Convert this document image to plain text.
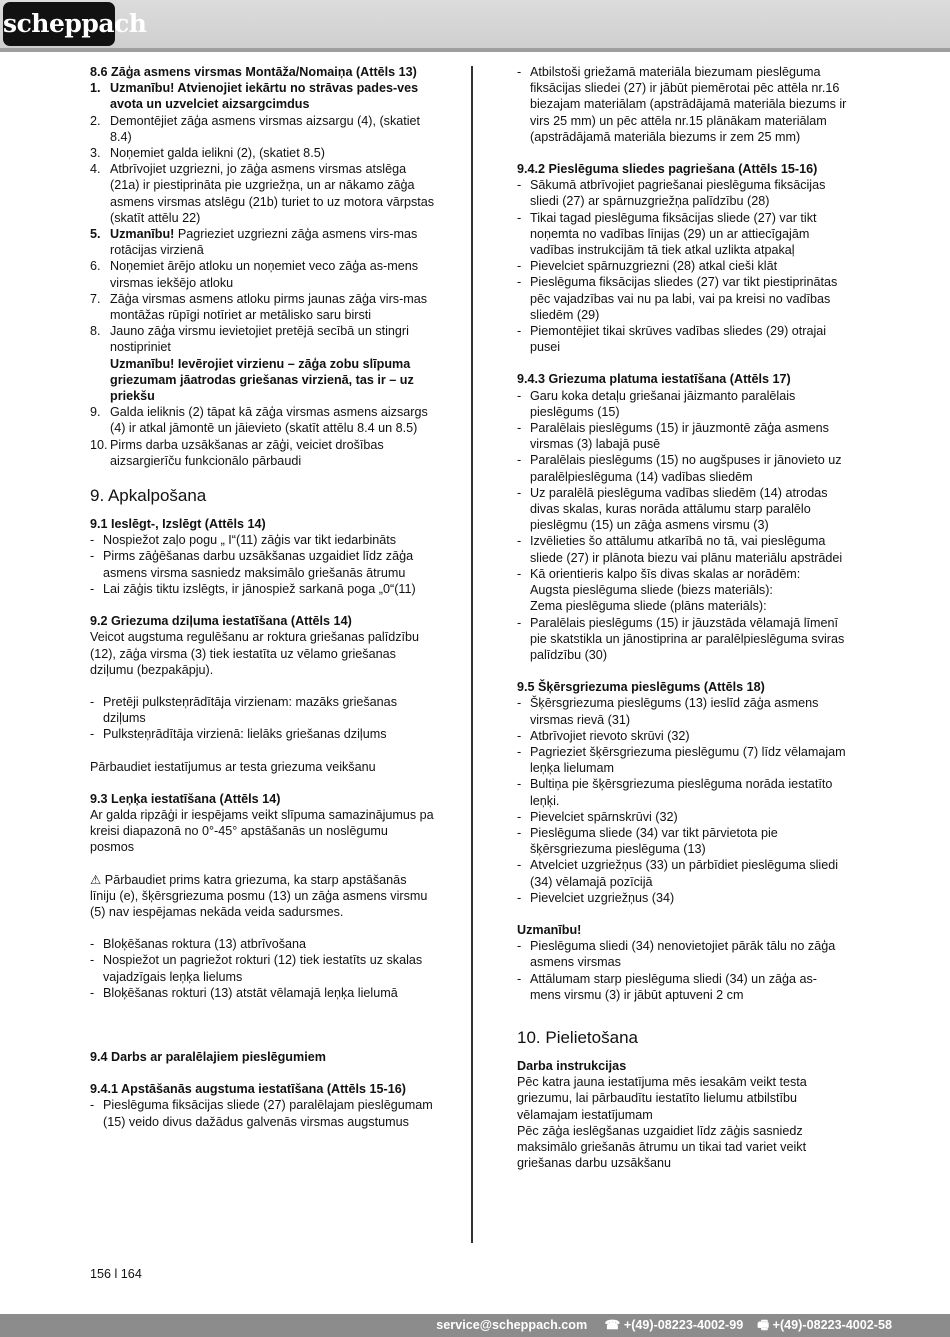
scheppach
8.6 Zāģa asmens virsmas Montāža/Nomaiņa (Attēls 13)
1. Uzmanību! Atvienojiet iekārtu no strāvas pades-ves avota un uzvelciet aizsargcimdus
2. Demontējiet zāģa asmens virsmas aizsargu (4), (skatiet 8.4)
3. Noņemiet galda ielikni (2), (skatiet 8.5)
4. Atbrīvojiet uzgriezni, jo zāģa asmens virsmas atslēga (21a) ir piestiprināta pie uzgriežņa, un ar nākamo zāģa asmens virsmas atslēgu (21b) turiet to uz motora vārpstas (skatīt attēlu 22)
5. Uzmanību! Pagrieziet uzgriezni zāģa asmens virs-mas rotācijas virzienā
6. Noņemiet ārējo atloku un noņemiet veco zāģa as-mens virsmas iekšējo atloku
7. Zāģa virsmas asmens atloku pirms jaunas zāģa virs-mas montāžas rūpīgi notīriet ar metālisko saru birsti
8. Jauno zāģa virsmu ievietojiet pretējā secībā un stingri nostipriniet
Uzmanību! Ievērojiet virzienu – zāģa zobu slīpuma griezumam jāatrodas griešanas virzienā, tas ir – uz priekšu
9. Galda ieliknis (2) tāpat kā zāģa virsmas asmens aizsargs (4) ir atkal jāmontē un jāievieto (skatīt attēlu 8.4 un 8.5)
10. Pirms darba uzsākšanas ar zāģi, veiciet drošības aizsargierīču funkcionālo pārbaudi
9. Apkalpošana
9.1 Ieslēgt-, Izslēgt (Attēls 14)
- Nospiežot zaļo pogu „ I“(11) zāģis var tikt iedarbināts
- Pirms zāģēšanas darbu uzsākšanas uzgaidiet līdz zāģa asmens virsma sasniedz maksimālo griešanās ātrumu
- Lai zāģis tiktu izslēgts, ir jānospiež sarkanā poga „0“(11)
9.2 Griezuma dziļuma iestatīšana (Attēls 14)
Veicot augstuma regulēšanu ar roktura griešanas palīdzību (12), zāģa virsma (3) tiek iestatīta uz vēlamo griešanas dziļumu (bezpakāpju).
- Pretēji pulksteņrādītāja virzienam: mazāks griešanas dziļums
- Pulksteņrādītāja virzienā: lielāks griešanas dziļums
Pārbaudiet iestatījumus ar testa griezuma veikšanu
9.3 Leņķa iestatīšana (Attēls 14)
Ar galda ripzāģi ir iespējams veikt slīpuma samazinājumus pa kreisi diapazonā no 0°-45° apstāšanās un noslēgumu posmos
⚠ Pārbaudiet prims katra griezuma, ka starp apstāšanās līniju (e), šķērsgriezuma posmu (13) un zāģa asmens virsmu (5) nav iespējamas nekāda veida sadursmes.
- Bloķēšanas roktura (13) atbrīvošana
- Nospiežot un pagriežot rokturi (12) tiek iestatīts uz skalas vajadzīgais leņķa lielums
- Bloķēšanas rokturi (13) atstāt vēlamajā leņķa lielumā
9.4 Darbs ar paralēlajiem pieslēgumiem
9.4.1 Apstāšanās augstuma iestatīšana (Attēls 15-16)
- Pieslēguma fiksācijas sliede (27) paralēlajam pieslēgumam (15) veido divus dažādus galvenās virsmas augstumus
- Atbilstoši griežamā materiāla biezumam pieslēguma fiksācijas sliedei (27) ir jābūt piemērotai pēc attēla nr.16 biezajam materiālam (apstrādājamā materiāla biezums ir virs 25 mm) un pēc attēla nr.15 plānākam materiālam (apstrādājamā materiāla biezums ir zem 25 mm)
9.4.2 Pieslēguma sliedes pagriešana (Attēls 15-16)
- Sākumā atbrīvojiet pagriešanai pieslēguma fiksācijas sliedi (27) ar spārnuzgriežņa palīdzību (28)
- Tikai tagad pieslēguma fiksācijas sliede (27) var tikt noņemta no vadības līnijas (29) un ar attiecīgajām vadības instrukcijām tā tiek atkal uzlikta atpakaļ
- Pievelciet spārnuzgriezni (28) atkal cieši klāt
- Pieslēguma fiksācijas sliedes (27) var tikt piestiprinātas pēc vajadzības vai nu pa labi, vai pa kreisi no vadības sliedēm (29)
- Piemontējiet tikai skrūves vadības sliedes (29) otrajai pusei
9.4.3 Griezuma platuma iestatīšana (Attēls 17)
- Garu koka detaļu griešanai jāizmanto paralēlais pieslēgums (15)
- Paralēlais pieslēgums (15) ir jāuzmontē zāģa asmens virsmas (3) labajā pusē
- Paralēlais pieslēgums (15) no augšpuses ir jānovieto uz paralēlpieslēguma (14) vadības sliedēm
- Uz paralēlā pieslēguma vadības sliedēm (14) atrodas divas skalas, kuras norāda attālumu starp paralēlo pieslēgmu (15) un zāģa asmens virsmu (3)
- Izvēlieties šo attālumu atkarībā no tā, vai pieslēguma sliede (27) ir plānota biezu vai plānu materiālu apstrādei
- Kā orientieris kalpo šīs divas skalas ar norādēm:
Augsta pieslēguma sliede (biezs materiāls):
Zema pieslēguma sliede (plāns materiāls):
- Paralēlais pieslēgums (15) ir jāuzstāda vēlamajā līmenī pie skatstikla un jānostiprina ar paralēlpieslēguma sviras palīdzību (30)
9.5 Šķērsgriezuma pieslēgums (Attēls 18)
- Šķērsgriezuma pieslēgums (13) ieslīd zāģa asmens virsmas rievā (31)
- Atbrīvojiet rievoto skrūvi (32)
- Pagrieziet šķērsgriezuma pieslēgumu (7) līdz vēlamajam leņķa lielumam
- Bultiņa pie šķērsgriezuma pieslēguma norāda iestatīto leņķi.
- Pievelciet spārnskrūvi (32)
- Pieslēguma sliede (34) var tikt pārvietota pie šķērsgriezuma pieslēguma (13)
- Atvelciet uzgriežņus (33) un pārbīdiet pieslēguma sliedi (34) vēlamajā pozīcijā
- Pievelciet uzgriežņus (34)
Uzmanību!
- Pieslēguma sliedi (34) nenovietojiet pārāk tālu no zāģa asmens virsmas
- Attālumam starp pieslēguma sliedi (34) un zāģa as-mens virsmu (3) ir jābūt aptuveni 2 cm
10. Pielietošana
Darba instrukcijas
Pēc katra jauna iestatījuma mēs iesakām veikt testa griezumu, lai pārbaudītu iestatīto lielumu atbilstību vēlamajam iestatījumam
Pēc zāģa ieslēgšanas uzgaidiet līdz zāģis sasniedz maksimālo griešanās ātrumu un tikai tad variet veikt griešanas darbu uzsākšanu
156 l 164
service@scheppach.com ☎ +(49)-08223-4002-99 🖷 +(49)-08223-4002-58
